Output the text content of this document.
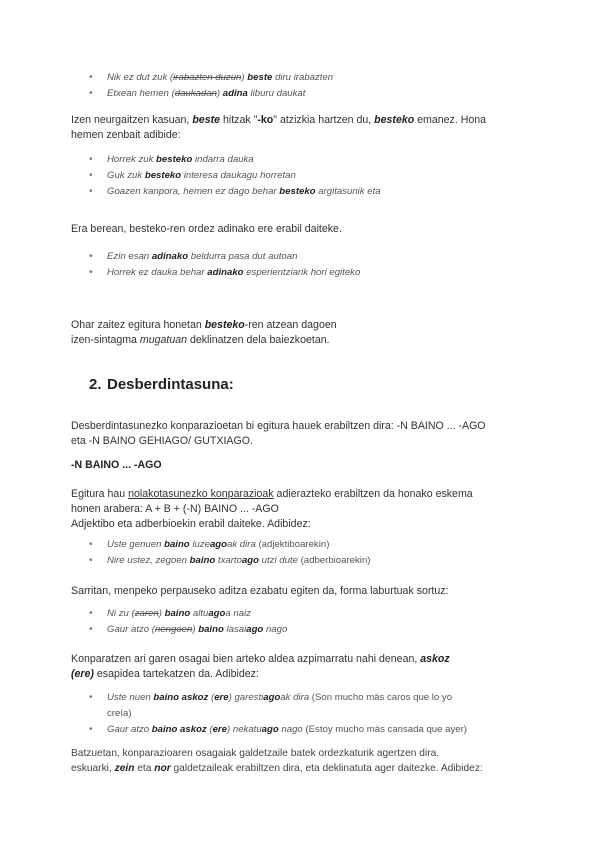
• Nik ez dut zuk (irabazten duzun) beste diru irabazten
• Etxean hemen (daukadan) adina liburu daukat
Izen neurgaitzen kasuan, beste hitzak "-ko" atzizkia hartzen du, besteko emanez. Hona
hemen zenbait adibide:
• Horrek zuk besteko indarra dauka
• Guk zuk besteko interesa daukagu horretan
• Goazen kanpora, hemen ez dago behar besteko argitasunik eta
Era berean, besteko-ren ordez adinako ere erabil daiteke.
• Ezin esan adinako beldurra pasa dut autoan
• Horrek ez dauka behar adinako esperientziarik hori egiteko
Ohar zaitez egitura honetan besteko-ren atzean dagoen
izen-sintagma mugatuan deklinatzen dela baiezkoetan.
2. Desberdintasuna:
Desberdintasunezko konparazioetan bi egitura hauek erabiltzen dira: -N BAINO ... -AGO
eta -N BAINO GEHIAGO/ GUTXIAGO.
-N BAINO ... -AGO
Egitura hau nolakotasunezko konparazioak adierazteko erabiltzen da honako eskema
honen arabera: A + B + (-N) BAINO ... -AGO
Adjektibo eta adberbioekin erabil daiteke. Adibidez:
• Uste genuen baino luzeagoak dira (adjektiboarekin)
• Nire ustez, zegoen baino txartoago utzi dute (adberbioarekin)
Sarritan, menpeko perpauseko aditza ezabatu egiten da, forma laburtuak sortuz:
• Ni zu (zaren) baino altuagoa naiz
• Gaur atzo (nengoen) baino lasaiago nago
Konparatzen ari garen osagai bien arteko aldea azpimarratu nahi denean, askoz
(ere) esapidea tartekatzen da. Adibidez:
• Uste nuen baino askoz (ere) garestiagoak dira (Son mucho más caros que lo yo
creía)
• Gaur atzo baino askoz (ere) nekatuago nago (Estoy mucho más cansada que ayer)
Batzuetan, konparazioaren osagaiak galdetzaile batek ordezkaturik agertzen dira.
eskuarki, zein eta nor galdetzaileak erabiltzen dira, eta deklinatuta ager daitezke. Adibidez:
